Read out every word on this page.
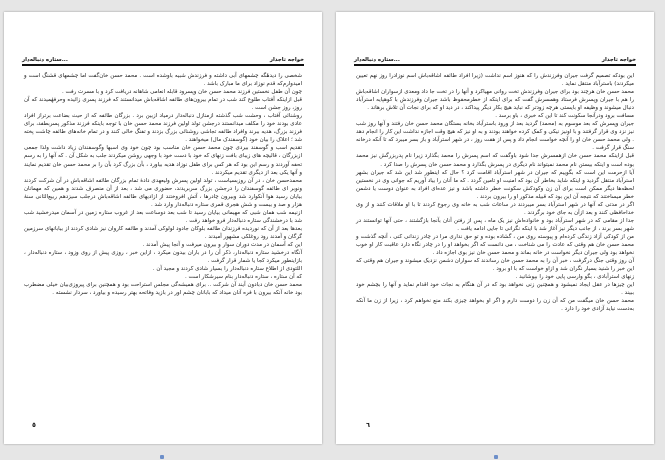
خواجه تاجدار
ستاره دنباله‌دار...

شخصی را دیدهٔگه چشمهای آبی داشته و فرزندش شبیه باوشده است . محمد حسن خان‌گفت اما چشمهای قشنگ است و امیدوارم‌که قدم نوزاد برای ما مبارک باشد .

چون آن طفل نخستین فرزند محمد حسن خان وپسرود قابله انعامی شاهانه دریافت کرد و با مسرت رفت .

قبل ازاینکه آفتاب طلوع کند شب در تمام بیرون‌های طائفه اشاقه‌باش میدانستند که فرزند پسری زائیده وحرفهٔمیدند که آن روز، روز جشن است .

روشنائی آفتاب ، وحشت شب گذشته ازمنازل دنباله‌دار درمیاد ازبین برد . بزرگان طائفه که از حیث بضاعت برتراز افراد عادی بودند خود را مکلف میدانستند درجشن تولد اولین فرزند محمد حسن خان با توجه باینکه فرزند مذکور پسربطفد، برای فرزند بزرگ، هدیه ببرند وافراد طائفه تجاشی روشنائی بزرگ بزدند و تفنگ خالی کنند و در تمام خانه‌های طائفه چاشت پخته شد ؛ اعلاک را بیان خود (گوسفندک مال) میخواهند .

تقدیم اسب و گوسفند بیردی چون محمد حسن خان مناسب بود چون خود وی اسبها وگوسفندان زیاد داشت ولذا جمعی ازبزرگان ، قالیچه های زیبای بافت زنهای که خود با دست خود با وجهی روشن میکردند جلب به شکل آن . که آنها را به رسم تحفه آوردند و رسم این بود که هر کس برای طفل نوزاد هدیه بیاورد ، بآن بزرگ کرد بآن را بر محمد حسن خان تقدیم نمایند و آنها یکی بعد از دیگری تقدیم میکردند .

محمدحسن خان ، در آن روزبسیاست ، تولد اولین پسرش ولیعهدی دادهٔ تمام بزرگان طائفه اشاقه‌باش در آن شرکت کردند ونوبر ای طائفه گوسفندان را درجشن بزرگ سربریدند، حضوری می‌ شد ، بعد از آن منصرف شدند و همین که مهمانان بیایان رسید هوا آنکوارد شد وبیرون چادرها ، آتش افروختند از ازادیهای طائفه اشاقه‌باش درجلب سیزدهم ربیع‌الثانی سنهٔ هزار و صد و بیست و شش هجری قمری ستاره دنباله‌دار وارد شد .

ازنیمه شب همان شبی که مهیمانی بیایان رسید تا شب بعد دوساعت بعد از غروب ستاره زمین در آسمان میدرخشید شب شد با درخشندگی ستاره دنباله‌دار فرو خواهد رفت .

بعدها بعد از آن که نوردیده فرزندان طائفه بلوکان جادود لولوکی آمدند و طائفه کاروان نیز شادی کردند از بیابانهای سرزمین گرگان و آمدند رود روغلکی مشهور آمیدند .

این که آسمان در مدت دوران سوار و بیرون میرفت و آنجا پیش آمدند .

آنگاه درخشید ستاره دنباله‌دار، ذکر آن را در باران بیدون میکرد ، ازاین خبر ، روزی پیش از روی وزود ، ستاره دنباله‌دار ، بازاینطور میکرد کجا یا شمار قرار گرفت .

اللتودی از اطلاع ستاره دنباله‌دار را بسیار شادی کردند و مجید آن .

که آن ستاره ، ستاره دنباله‌دار بنام سیرشکار است .

محمد حسن خان دبادون آیند آن شرکت .. برای همیشه‌گی مجلس استراحت بود و همچنین برای پیروزی‌بیان خیلی مضطرب بود خانه آنکه بیرون با فره آنان میداد که بابانان چشم اور در بازید وفاتحه بهتر رسیده و بیاورد ، سردار نشسته .

٥
خواجه تاجدار
ستاره دنباله‌دار...

این بودکه تصمیم گرفت جیران وفرزندش را که هنوز اسم نداشت (زیرا افراد طائفه اشاقه‌باش اسم نوزادرا روز نهم تعیین میکردند) باسترآباد منتقل نماید .

محمد حسن خان هرچند بود برای جیران وفرزندش تخت روانی مهیاکرد و آنها را در تخت جا داد ومعدی ازسواران اشاقه‌باش را هم با جیران وپسرش فرستاد وهمسرش گفت که برای اینکه از خطرمحفوظ باشد جیران وفرزندش با کوهپایه استرآباد دنبال میشوند و وظیفه او بایستی هرچه زودتر که نباید هیچ بکار دیگر پیداکند ، در دید او که برای نجات آن تلاش برهاند .

مسافت برود ودرآنجا سکونت کند تا این که خبری ، باو برسد .

جیران وپسرش که بعد موسوم به (محمد) گردید بعد از ورود باسترآباد بخانه بستگان محمد حسن خان رفتند و آنها روز شب نیز نزد وی قرار گرفتند و با اونیز نیکی و کمک کرده خواهند بودند و به او نیز که هیچ وقت اجازه نداشت این کار را انجام دهد . ولی محمد حسن خان او را آنچه خواست انجام داد و پس از هفت روز ، در شهر استرآباد و باز بسر میبرد که تا آنکه درخانه سنگ قرار گرفت .

قبل ازاینکه محمد حسن خان ازهمسرش جدا شود باوگفت که اسم پسرش را محمد بگذارد زیرا نام پدربزرگش نیز محمد بوده است و اینکه بیستن نام محمد نمیتواند نام دیگری در پسرش بگذارد و محمد حسن خان پسرش را صدا کرد .

آیا ازحرمت این است که بگوییم که جیران در شهر استرآباد اقامت کرد ؟ حال که اینطور شد این شد که جیران بشهر استرآباد منتقل گردید و اینکه شاید بخاطر آن بود که امنیت او تامین گردد . که ما آنان را بیاد آوریم که جوانی وی در نخستین لحظه‌ها دیگر ممکن است برای آن زن وکودکش سکونت خطر داشته باشد و نیز عده‌ای افراد به عنوان دوست یا دشمن خطر میساختند که نتیجه آن این بود که قبیله مذکور او را بیرون بردند .

اگر در مدتی که آنها در شهر استرآباد بسر میبردند در ساعات شب به خانه وی رجوع کردند تا با او ملاقات کنند و از وی خداحافظی کنند و بعد ازآن به جای خود برگردند .

جدا از مقامی که در شهر استرآباد بود و خانواده‌اش نیز یک ماه ، پس از رفتن آنان بآنجا بازگشتند ، حتی آنها توانستند در شهر بسر برند ، از جانب دیگر نیز آغاز شد با اینکه نگرانی تا جایی ادامه یافت .

من از کودکی آزاد زندگی کرده‌ام و پیوسته روی من ، گشاده بوده و تو حق نداری مرا در چادر زندانی کنی ، آنچه گذشت و محمد حسن خان هم وقتی که عادت را می شناخت ، می دانست که اگر بخواهد او را در چادر نگاه دارد عاقبت کار او خوب نخواهد بود ولی جیران دیگر نخواست در خانه بماند و محمد حسن خان نیز بوی اجازه داد .

آن روز وقتی جنگ درگرفت ، خبر آن را به محمد حسن خان رساندند که سواران دشمن نزدیک میشوند و جیران هم وقتی که این خبر را شنید بسیار نگران شد و ازاو خواست که با او برود .

زنهای استرآبادی ، بگو وارسی پایی خود را بپوشانید .

این چیزها در عقل ایجاد نمیشود و همچنین زنی نخواهد بود که در آن هنگام به نجات خود اقدام نماید و آنها را بچشم خود ببیند .

محمد حسن خان میگفت من که آن زن را دوست دارم و اگر او بخواهد چیزی بکند منع نخواهم کرد ، زیرا از زن ما آنکه به‌دست نیاید آزادی خود را دارد .

٦
